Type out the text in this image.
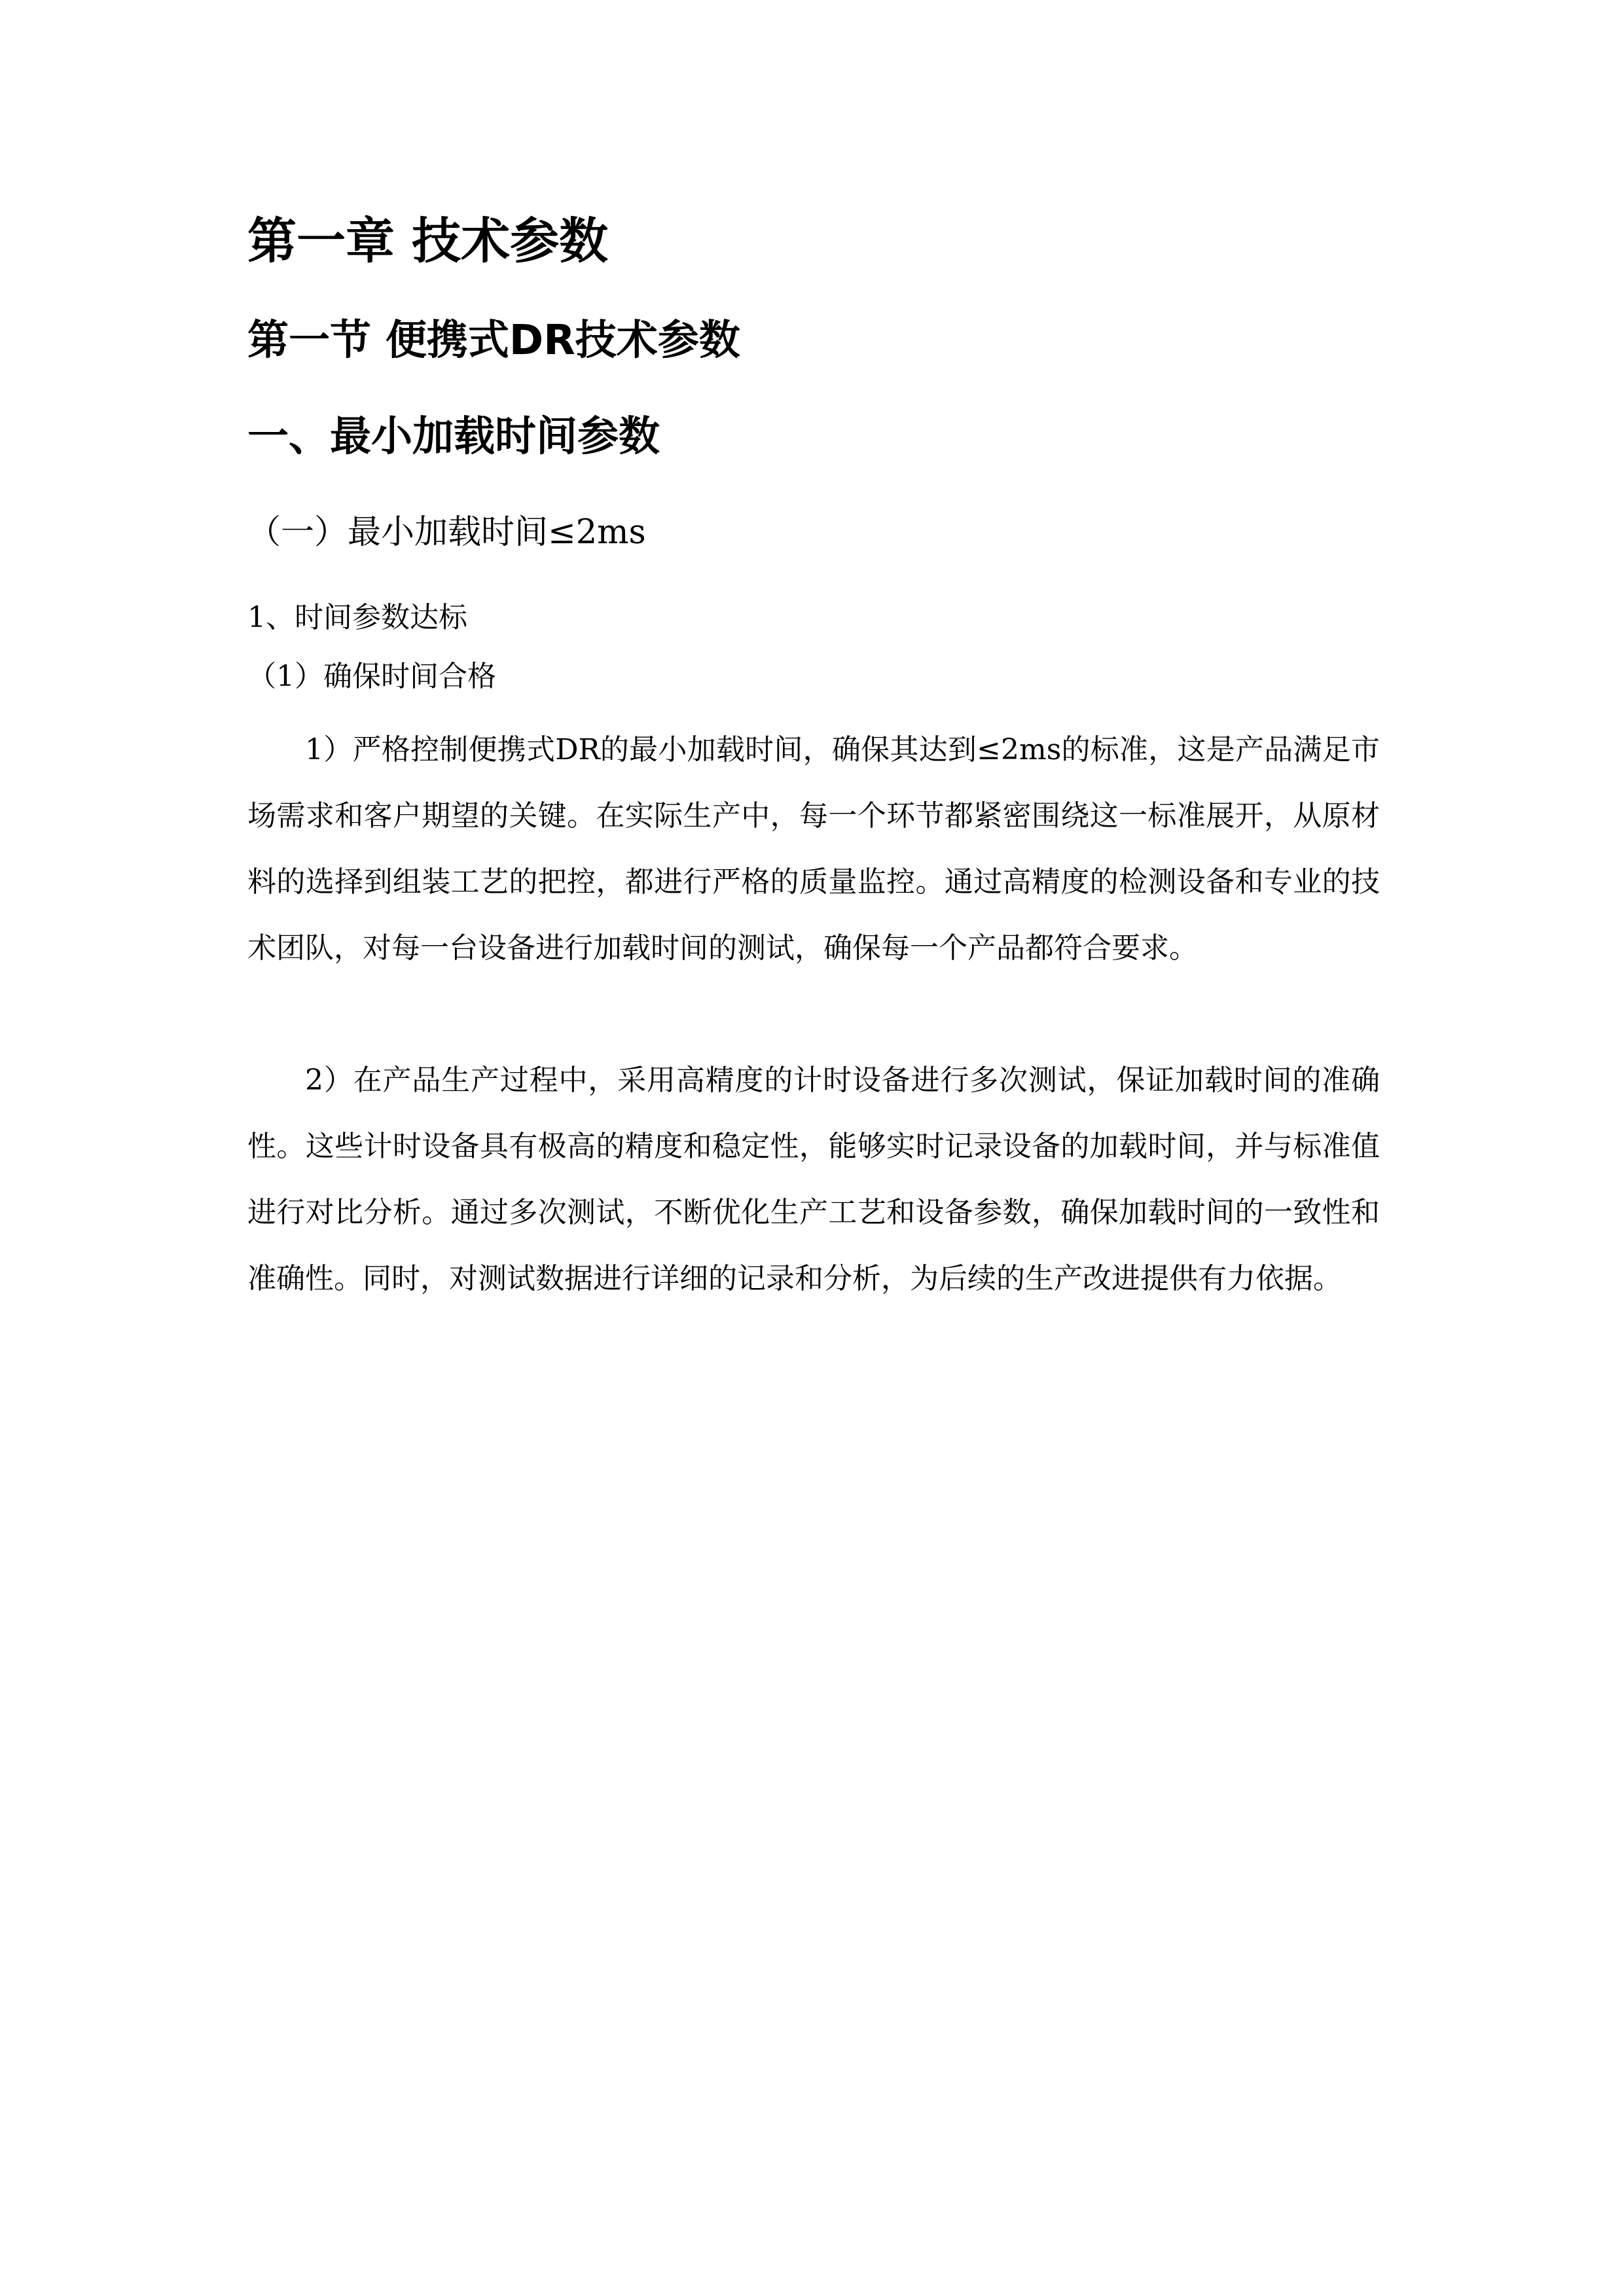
第一章 技术参数
第一节 便携式DR技术参数
一、最小加载时间参数
（一）最小加载时间≤2ms

1、时间参数达标

（1）确保时间合格

1）严格控制便携式DR的最小加载时间，确保其达到≤2ms的标准，这是产品满足市场需求和客户期望的关键。在实际生产中，每一个环节都紧密围绕这一标准展开，从原材料的选择到组装工艺的把控，都进行严格的质量监控。通过高精度的检测设备和专业的技术团队，对每一台设备进行加载时间的测试，确保每一个产品都符合要求。

2）在产品生产过程中，采用高精度的计时设备进行多次测试，保证加载时间的准确性。这些计时设备具有极高的精度和稳定性，能够实时记录设备的加载时间，并与标准值进行对比分析。通过多次测试，不断优化生产工艺和设备参数，确保加载时间的一致性和准确性。同时，对测试数据进行详细的记录和分析，为后续的生产改进提供有力依据。
